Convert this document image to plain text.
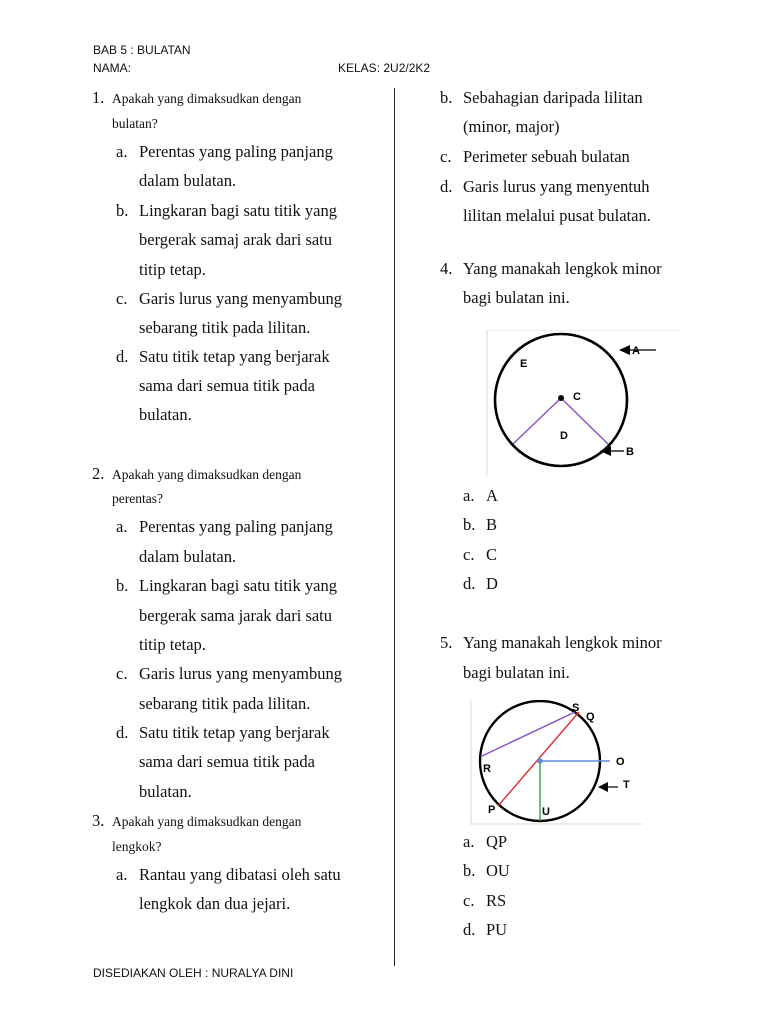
BAB 5 : BULATAN
NAMA:	KELAS: 2U2/2K2
1. Apakah yang dimaksudkan dengan
bulatan?
a. Perentas yang paling panjang
dalam bulatan.
b. Lingkaran bagi satu titik yang
bergerak samaj arak dari satu
titip tetap.
c. Garis lurus yang menyambung
sebarang titik pada lilitan.
d. Satu titik tetap yang berjarak
sama dari semua titik pada
bulatan.
2. Apakah yang dimaksudkan dengan
perentas?
a. Perentas yang paling panjang
dalam bulatan.
b. Lingkaran bagi satu titik yang
bergerak sama jarak dari satu
titip tetap.
c. Garis lurus yang menyambung
sebarang titik pada lilitan.
d. Satu titik tetap yang berjarak
sama dari semua titik pada
bulatan.
3. Apakah yang dimaksudkan dengan
lengkok?
a. Rantau yang dibatasi oleh satu
lengkok dan dua jejari.
b. Sebahagian daripada lilitan
(minor, major)
c. Perimeter sebuah bulatan
d. Garis lurus yang menyentuh
lilitan melalui pusat bulatan.
4. Yang manakah lengkok minor
bagi bulatan ini.
A
B
C
D
E
a. A
b. B
c. C
d. D
5. Yang manakah lengkok minor
bagi bulatan ini.
S
Q
O
R
T
P	U
a. QP
b. OU
c. RS
d. PU
DISEDIAKAN OLEH : NURALYA DINI
